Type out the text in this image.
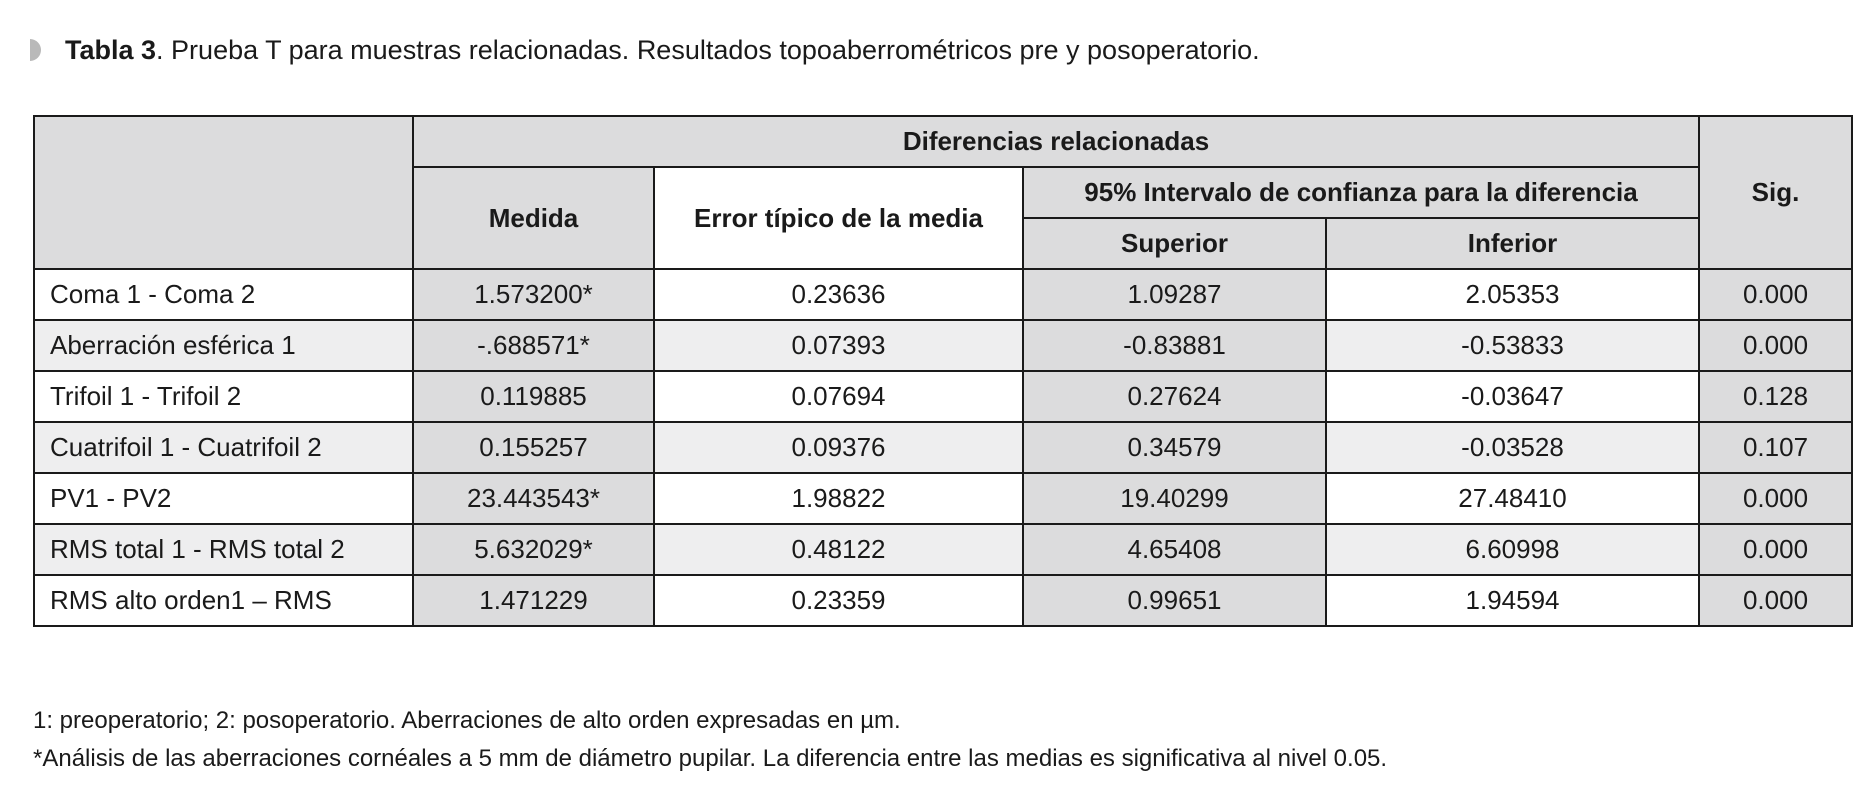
Tabla 3 . Prueba T para muestras relacionadas. Resultados topoaberrométricos pre y posoperatorio.
	Diferencias relacionadas				Sig.
	Medida	Error típico de la media	95% Intervalo de confianza para la diferencia		
			Superior	Inferior	
Coma 1 - Coma 2	1.573200*	0.23636	1.09287	2.05353	0.000
Aberración esférica 1	-.688571*	0.07393	-0.83881	-0.53833	0.000
Trifoil 1 - Trifoil 2	0.119885	0.07694	0.27624	-0.03647	0.128
Cuatrifoil 1 - Cuatrifoil 2	0.155257	0.09376	0.34579	-0.03528	0.107
PV1 - PV2	23.443543*	1.98822	19.40299	27.48410	0.000
RMS total 1 - RMS total 2	5.632029*	0.48122	4.65408	6.60998	0.000
RMS alto orden1 – RMS	1.471229	0.23359	0.99651	1.94594	0.000
1: preoperatorio; 2: posoperatorio. Aberraciones de alto orden expresadas en µm.
*Análisis de las aberraciones cornéales a 5 mm de diámetro pupilar. La diferencia entre las medias es significativa al nivel 0.05.
